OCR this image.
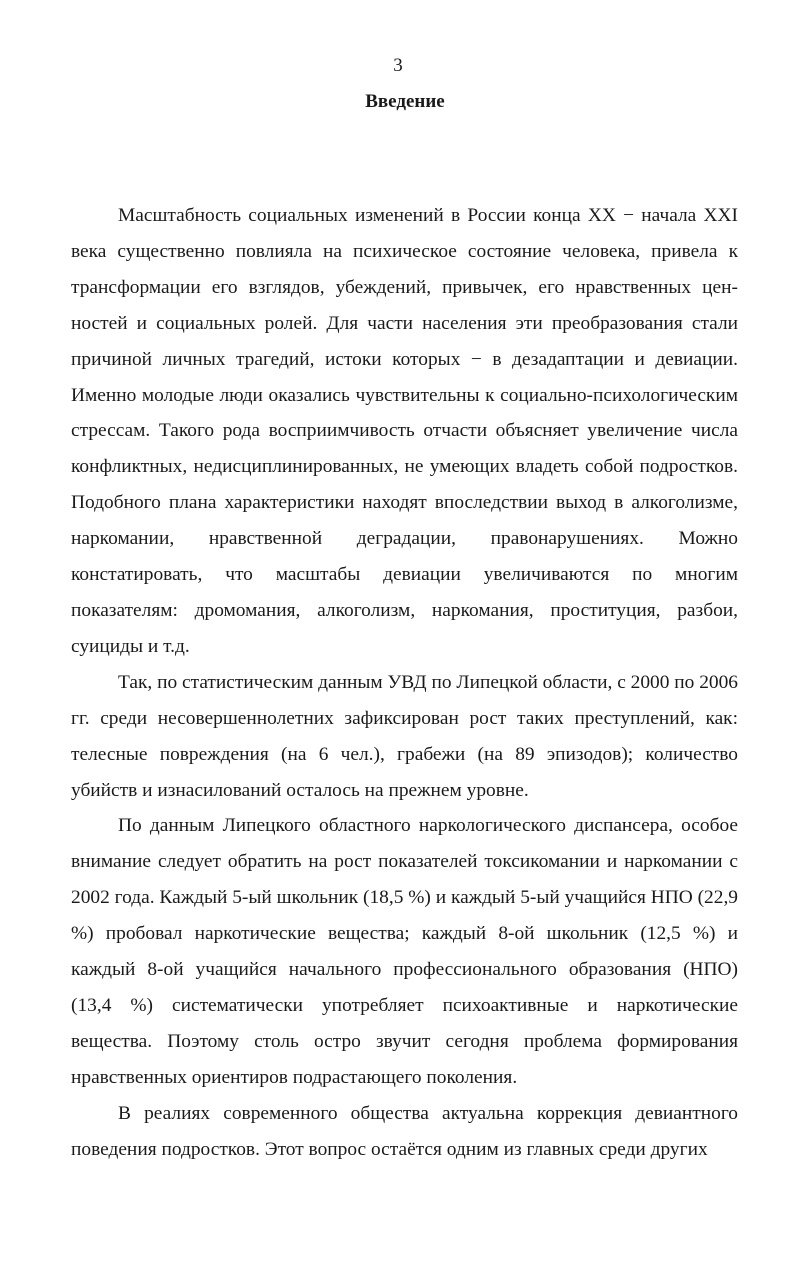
3
Введение

Масштабность социальных изменений в России конца XX − начала XXI века существенно повлияла на психическое состояние человека, привела к трансформации его взглядов, убеждений, привычек, его нравственных ценностей и социальных ролей. Для части населения эти преобразования стали причиной личных трагедий, истоки которых − в дезадаптации и девиации. Именно молодые люди оказались чувствительны к социально-психологическим стрессам. Такого рода восприимчивость отчасти объясняет увеличение числа конфликтных, недисциплинированных, не умеющих владеть собой подростков. Подобного плана характеристики находят впоследствии выход в алкоголизме, наркомании, нравственной деградации, правонарушениях. Можно констатировать, что масштабы девиации увеличиваются по многим показателям: дромомания, алкоголизм, наркомания, проституция, разбои, суициды и т.д.

Так, по статистическим данным УВД по Липецкой области, с 2000 по 2006 гг. среди несовершеннолетних зафиксирован рост таких преступлений, как: телесные повреждения (на 6 чел.), грабежи (на 89 эпизодов); количество убийств и изнасилований осталось на прежнем уровне.

По данным Липецкого областного наркологического диспансера, особое внимание следует обратить на рост показателей токсикомании и наркомании с 2002 года. Каждый 5-ый школьник (18,5 %) и каждый 5-ый учащийся НПО (22,9 %) пробовал наркотические вещества; каждый 8-ой школьник (12,5 %) и каждый 8-ой учащийся начального профессионального образования (НПО) (13,4 %) систематически употребляет психоактивные и наркотические вещества. Поэтому столь остро звучит сегодня проблема формирования нравственных ориентиров подрастающего поколения.

В реалиях современного общества актуальна коррекция девиантного поведения подростков. Этот вопрос остаётся одним из главных среди других
